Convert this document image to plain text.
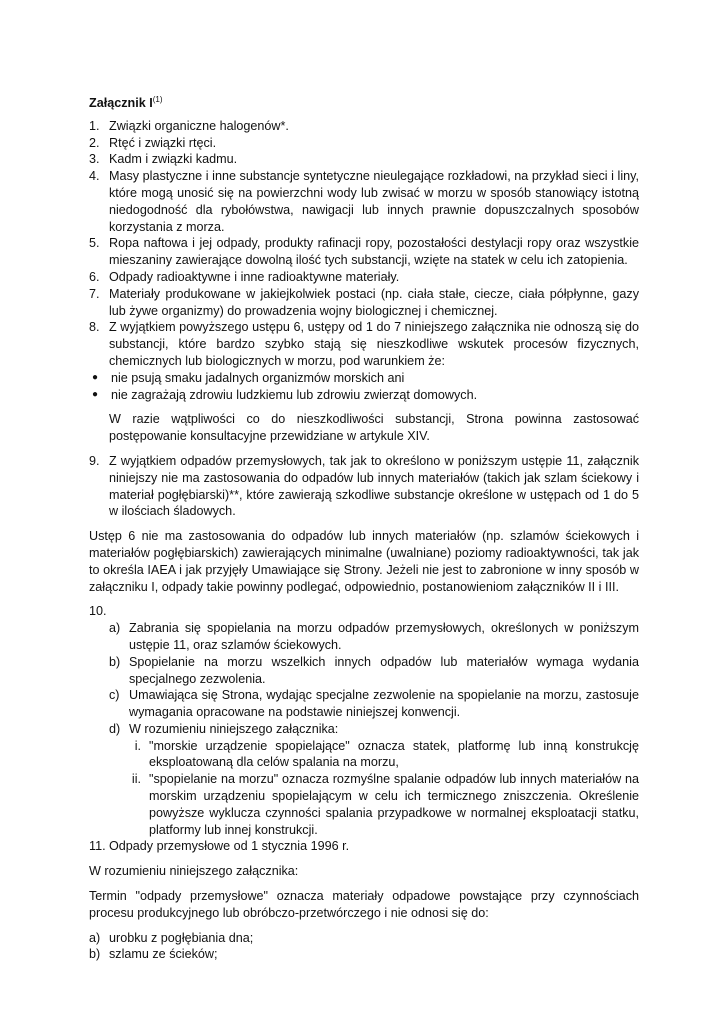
Załącznik $I^{(1)}$
1. Związki organiczne halogenów*.
2. Rtęć i związki rtęci.
3. Kadm i związki kadmu.
4. Masy plastyczne i inne substancje syntetyczne nieulegające rozkładowi, na przykład sieci i liny, które mogą unosić się na powierzchni wody lub zwisać w morzu w sposób stanowiący istotną niedogodność dla rybołówstwa, nawigacji lub innych prawnie dopuszczalnych sposobów korzystania z morza.
5. Ropa naftowa i jej odpady, produkty rafinacji ropy, pozostałości destylacji ropy oraz wszystkie mieszaniny zawierające dowolną ilość tych substancji, wzięte na statek w celu ich zatopienia.
6. Odpady radioaktywne i inne radioaktywne materiały.
7. Materiały produkowane w jakiejkolwiek postaci (np. ciała stałe, ciecze, ciała półpłynne, gazy lub żywe organizmy) do prowadzenia wojny biologicznej i chemicznej.
8. Z wyjątkiem powyższego ustępu 6, ustępy od 1 do 7 niniejszego załącznika nie odnoszą się do substancji, które bardzo szybko stają się nieszkodliwe wskutek procesów fizycznych, chemicznych lub biologicznych w morzu, pod warunkiem że:
● nie psują smaku jadalnych organizmów morskich ani
● nie zagrażają zdrowiu ludzkiemu lub zdrowiu zwierząt domowych.
W razie wątpliwości co do nieszkodliwości substancji, Strona powinna zastosować postępowanie konsultacyjne przewidziane w artykule XIV.
9. Z wyjątkiem odpadów przemysłowych, tak jak to określono w poniższym ustępie 11, załącznik niniejszy nie ma zastosowania do odpadów lub innych materiałów (takich jak szlam ściekowy i materiał pogłębiarski)**, które zawierają szkodliwe substancje określone w ustępach od 1 do 5 w ilościach śladowych.
Ustęp 6 nie ma zastosowania do odpadów lub innych materiałów (np. szlamów ściekowych i materiałów pogłębiarskich) zawierających minimalne (uwalniane) poziomy radioaktywności, tak jak to określa IAEA i jak przyjęły Umawiające się Strony. Jeżeli nie jest to zabronione w inny sposób w załączniku I, odpady takie powinny podlegać, odpowiednio, postanowieniom załączników II i III.
10.
a) Zabrania się spopielania na morzu odpadów przemysłowych, określonych w poniższym ustępie 11, oraz szlamów ściekowych.
b) Spopielanie na morzu wszelkich innych odpadów lub materiałów wymaga wydania specjalnego zezwolenia.
c) Umawiająca się Strona, wydając specjalne zezwolenie na spopielanie na morzu, zastosuje wymagania opracowane na podstawie niniejszej konwencji.
d) W rozumieniu niniejszego załącznika:
i. "morskie urządzenie spopielające" oznacza statek, platformę lub inną konstrukcję eksploatowaną dla celów spalania na morzu,
ii. "spopielanie na morzu" oznacza rozmyślne spalanie odpadów lub innych materiałów na morskim urządzeniu spopielającym w celu ich termicznego zniszczenia. Określenie powyższe wyklucza czynności spalania przypadkowe w normalnej eksploatacji statku, platformy lub innej konstrukcji.
11. Odpady przemysłowe od 1 stycznia 1996 r.
W rozumieniu niniejszego załącznika:
Termin "odpady przemysłowe" oznacza materiały odpadowe powstające przy czynnościach procesu produkcyjnego lub obróbczo-przetwórczego i nie odnosi się do:
a) urobku z pogłębiania dna;
b) szlamu ze ścieków;
